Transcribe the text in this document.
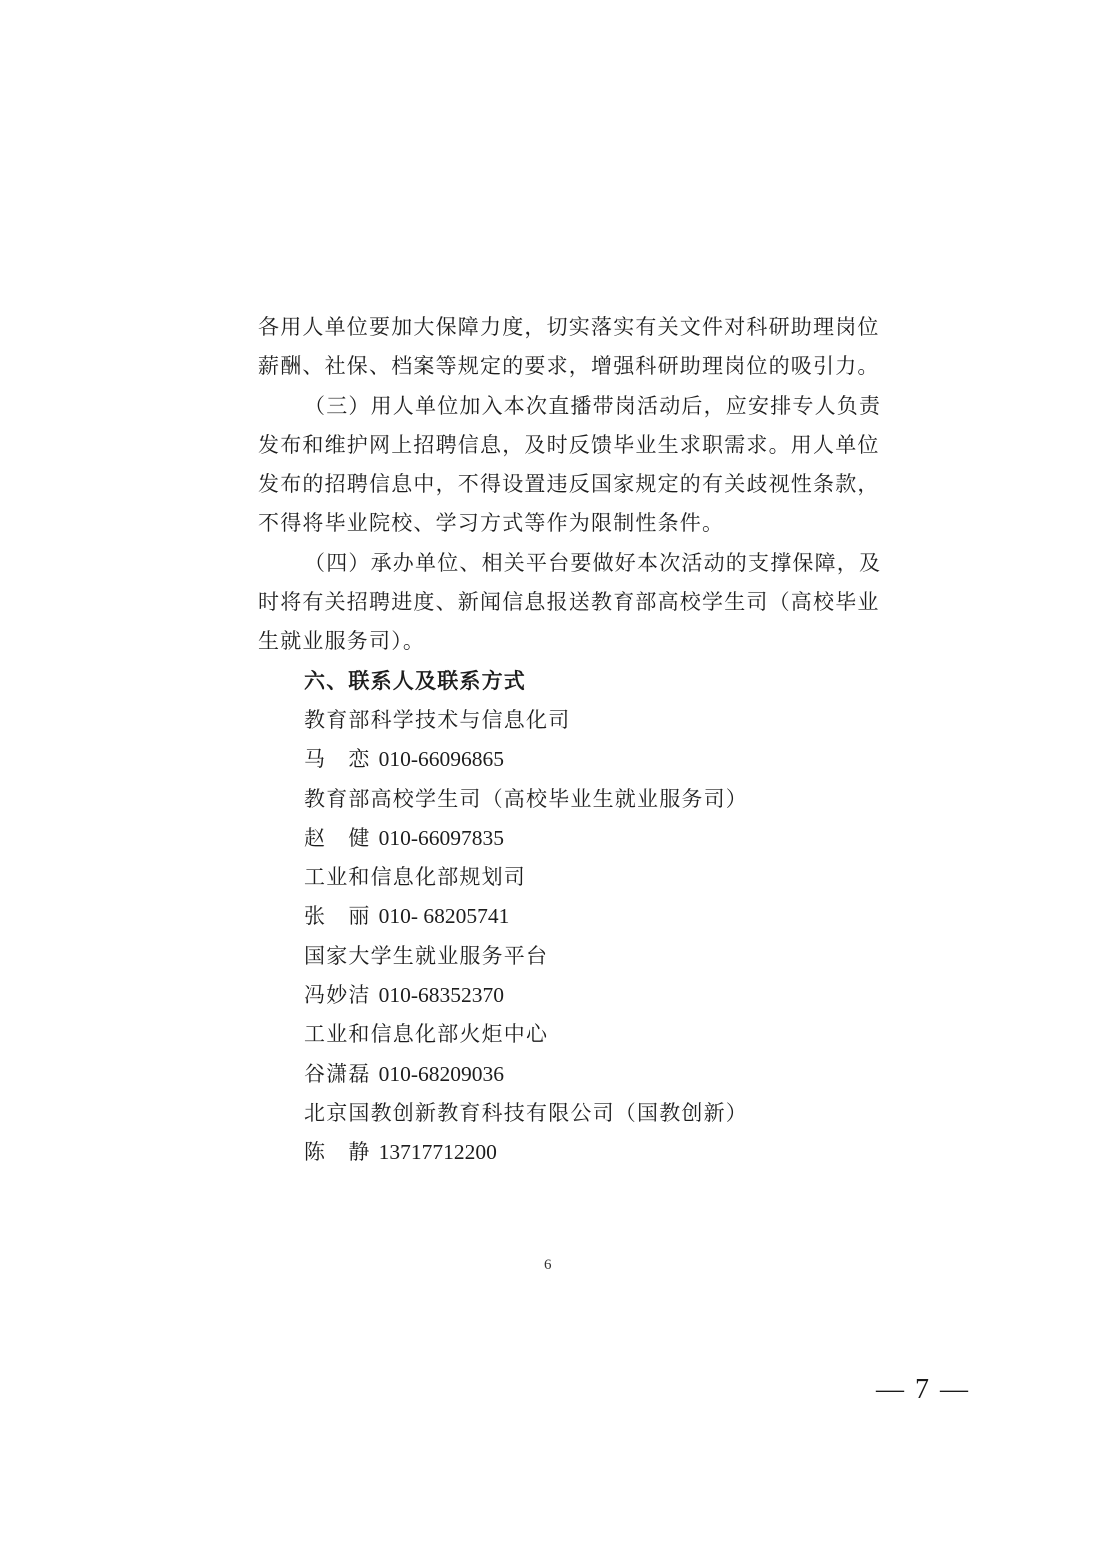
各用人单位要加大保障力度，切实落实有关文件对科研助理岗位
薪酬、社保、档案等规定的要求，增强科研助理岗位的吸引力。
（三）用人单位加入本次直播带岗活动后，应安排专人负责
发布和维护网上招聘信息，及时反馈毕业生求职需求。用人单位
发布的招聘信息中，不得设置违反国家规定的有关歧视性条款，
不得将毕业院校、学习方式等作为限制性条件。
（四）承办单位、相关平台要做好本次活动的支撑保障，及
时将有关招聘进度、新闻信息报送教育部高校学生司（高校毕业
生就业服务司）。
六、联系人及联系方式
教育部科学技术与信息化司
马　恋 010-66096865
教育部高校学生司（高校毕业生就业服务司）
赵　健 010-66097835
工业和信息化部规划司
张　丽 010- 68205741
国家大学生就业服务平台
冯妙洁 010-68352370
工业和信息化部火炬中心
谷潇磊 010-68209036
北京国教创新教育科技有限公司（国教创新）
陈　静 13717712200
6
— 7 —
